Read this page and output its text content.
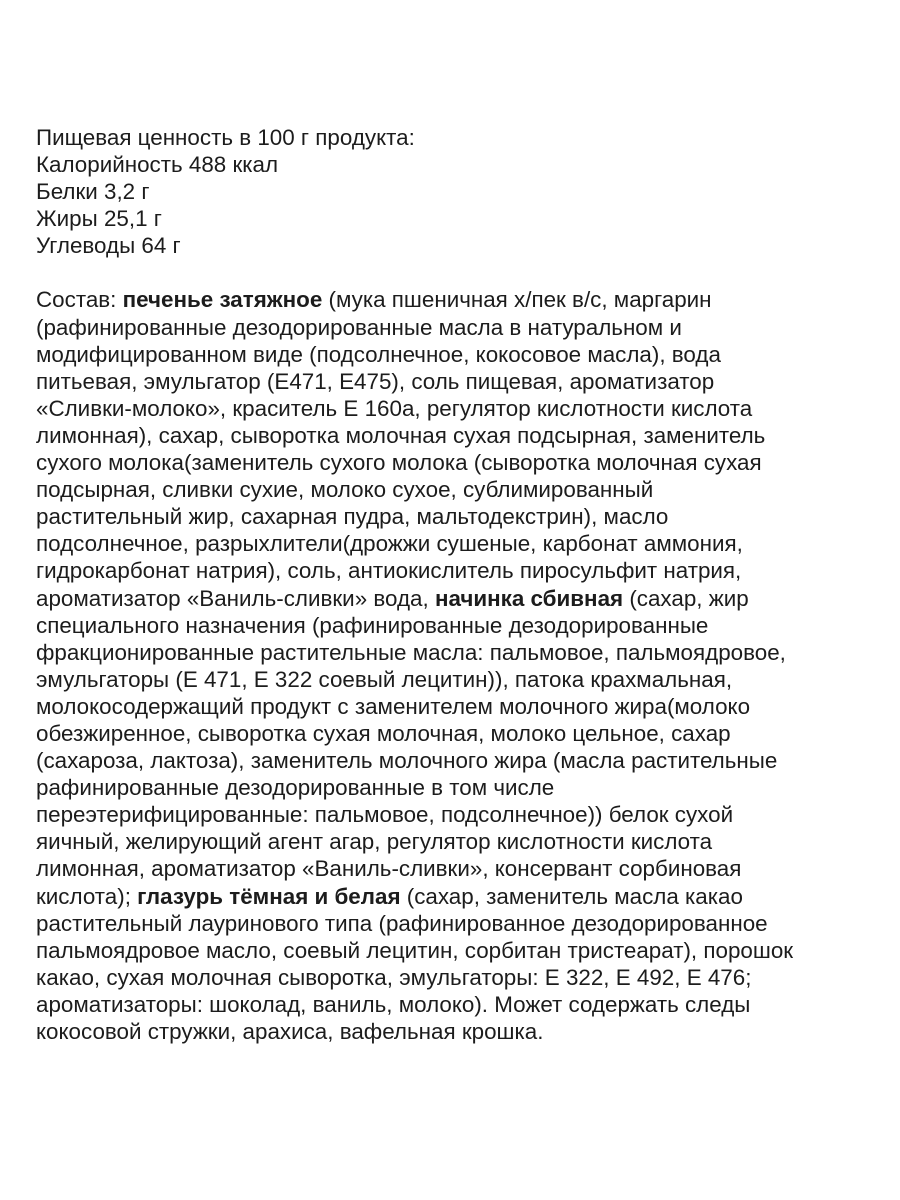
Пищевая ценность в 100 г продукта:

Калорийность 488 ккал

Белки 3,2 г

Жиры 25,1 г

Углеводы 64 г

Состав: печенье затяжное (мука пшеничная х/пек в/с, маргарин
(рафинированные дезодорированные масла в натуральном и
модифицированном виде (подсолнечное, кокосовое масла), вода
питьевая, эмульгатор (Е471, Е475), соль пищевая, ароматизатор
«Сливки-молоко», краситель Е 160а, регулятор кислотности кислота
лимонная), сахар, сыворотка молочная сухая подсырная, заменитель
сухого молока(заменитель сухого молока (сыворотка молочная сухая
подсырная, сливки сухие, молоко сухое, сублимированный
растительный жир, сахарная пудра, мальтодекстрин), масло
подсолнечное, разрыхлители(дрожжи сушеные, карбонат аммония,
гидрокарбонат натрия), соль, антиокислитель пиросульфит натрия,
ароматизатор «Ваниль-сливки» вода, начинка сбивная (сахар, жир
специального назначения (рафинированные дезодорированные
фракционированные растительные масла: пальмовое, пальмоядровое,
эмульгаторы (Е 471, Е 322 соевый лецитин)), патока крахмальная,
молокосодержащий продукт с заменителем молочного жира(молоко
обезжиренное, сыворотка сухая молочная, молоко цельное, сахар
(сахароза, лактоза), заменитель молочного жира (масла растительные
рафинированные дезодорированные в том числе
переэтерифицированные: пальмовое, подсолнечное)) белок сухой
яичный, желирующий агент агар, регулятор кислотности кислота
лимонная, ароматизатор «Ваниль-сливки», консервант сорбиновая
кислота); глазурь тёмная и белая (сахар, заменитель масла какао
растительный лауринового типа (рафинированное дезодорированное
пальмоядровое масло, соевый лецитин, сорбитан тристеарат), порошок
какао, сухая молочная сыворотка, эмульгаторы: Е 322, Е 492, Е 476;
ароматизаторы: шоколад, ваниль, молоко). Может содержать следы
кокосовой стружки, арахиса, вафельная крошка.
